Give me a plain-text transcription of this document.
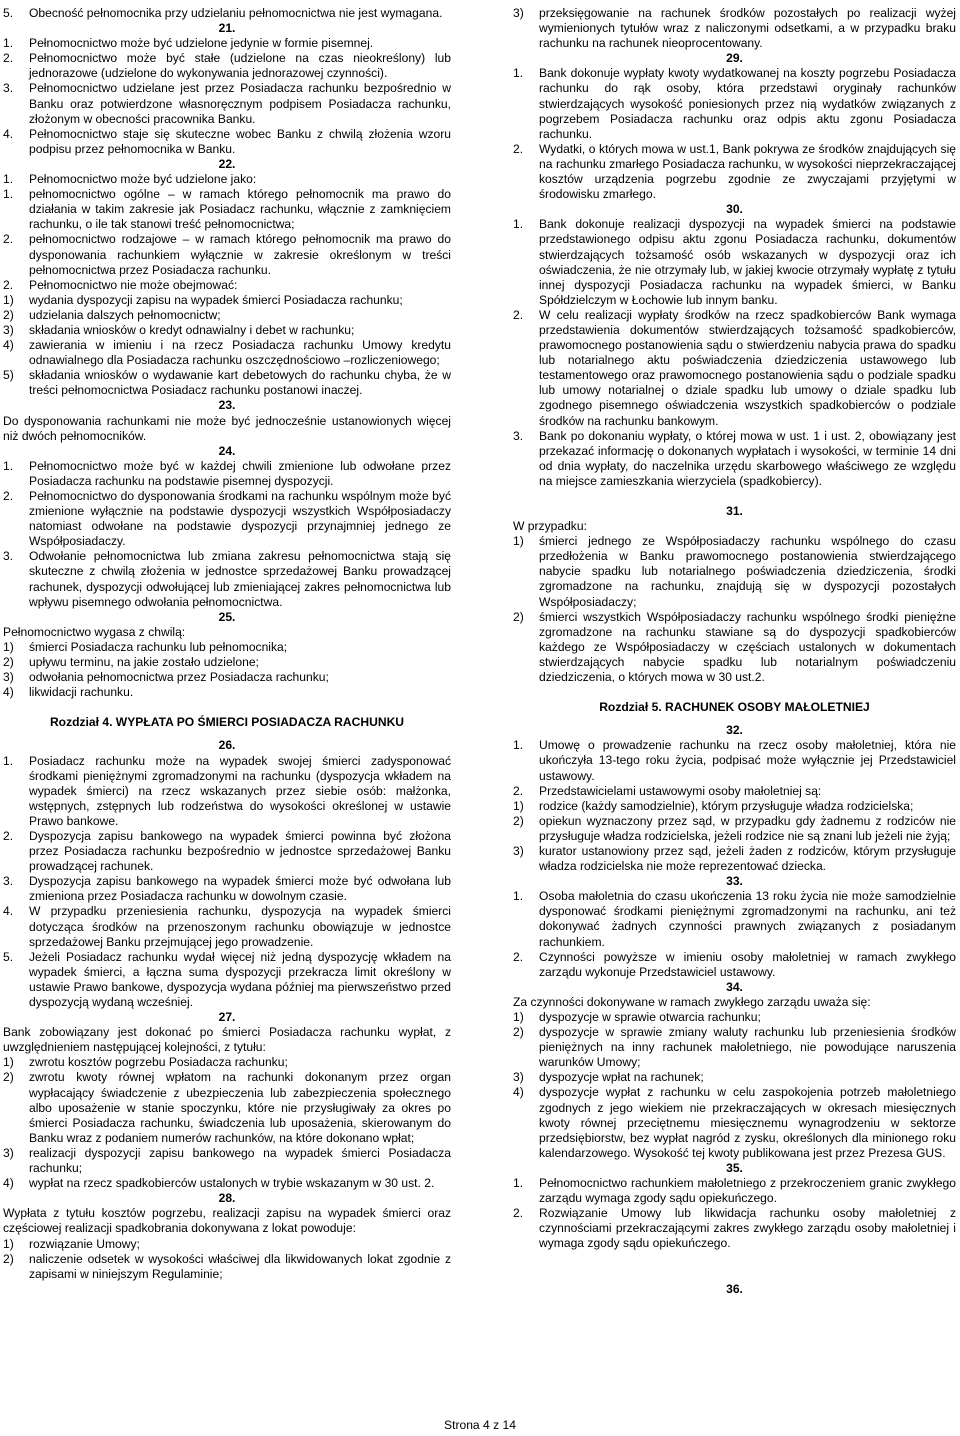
5.	Obecność pełnomocnika przy udzielaniu pełnomocnictwa nie jest wymagana.
21.
1.	Pełnomocnictwo może być udzielone jedynie w formie pisemnej.
2.	Pełnomocnictwo może być stałe (udzielone na czas nieokreślony) lub jednorazowe (udzielone do wykonywania jednorazowej czynności).
3.	Pełnomocnictwo udzielane jest przez Posiadacza rachunku bezpośrednio w Banku oraz potwierdzone własnoręcznym podpisem Posiadacza rachunku, złożonym w obecności pracownika Banku.
4.	Pełnomocnictwo staje się skuteczne wobec Banku z chwilą złożenia wzoru podpisu przez pełnomocnika w Banku.
22.
1.	Pełnomocnictwo może być udzielone jako:
1.	pełnomocnictwo ogólne – w ramach którego pełnomocnik ma prawo do działania w takim zakresie jak Posiadacz rachunku, włącznie z zamknięciem rachunku, o ile tak stanowi treść pełnomocnictwa;
2.	pełnomocnictwo rodzajowe – w ramach którego pełnomocnik ma prawo do dysponowania rachunkiem wyłącznie w zakresie określonym w treści pełnomocnictwa przez Posiadacza rachunku.
2.	Pełnomocnictwo nie może obejmować:
1)	wydania dyspozycji zapisu na wypadek śmierci Posiadacza rachunku;
2)	udzielania dalszych pełnomocnictw;
3)	składania wniosków o kredyt odnawialny i debet w rachunku;
4)	zawierania w imieniu i na rzecz Posiadacza rachunku Umowy kredytu odnawialnego dla Posiadacza rachunku oszczędnościowo –rozliczeniowego;
5)	składania wniosków o wydawanie kart debetowych do rachunku chyba, że w treści pełnomocnictwa Posiadacz rachunku postanowi inaczej.
23.
Do dysponowania rachunkami nie może być jednocześnie ustanowionych więcej niż dwóch pełnomocników.
24.
1.	Pełnomocnictwo może być w każdej chwili zmienione lub odwołane przez Posiadacza rachunku na podstawie pisemnej dyspozycji.
2.	Pełnomocnictwo do dysponowania środkami na rachunku wspólnym może być zmienione wyłącznie na podstawie dyspozycji wszystkich Współposiadaczy natomiast odwołane na podstawie dyspozycji przynajmniej jednego ze Współposiadaczy.
3.	Odwołanie pełnomocnictwa lub zmiana zakresu pełnomocnictwa stają się skuteczne z chwilą złożenia w jednostce sprzedażowej Banku prowadzącej rachunek, dyspozycji odwołującej lub zmieniającej zakres pełnomocnictwa lub wpływu pisemnego odwołania pełnomocnictwa.
25.
Pełnomocnictwo wygasa z chwilą:
1)	śmierci Posiadacza rachunku lub pełnomocnika;
2)	upływu terminu, na jakie zostało udzielone;
3)	odwołania pełnomocnictwa przez Posiadacza rachunku;
4)	likwidacji rachunku.
Rozdział 4. WYPŁATA PO ŚMIERCI POSIADACZA RACHUNKU
26.
1.	Posiadacz rachunku może na wypadek swojej śmierci zadysponować środkami pieniężnymi zgromadzonymi na rachunku (dyspozycja wkładem na wypadek śmierci) na rzecz wskazanych przez siebie osób: małżonka, wstępnych, zstępnych lub rodzeństwa do wysokości określonej w ustawie Prawo bankowe.
2.	Dyspozycja zapisu bankowego na wypadek śmierci powinna być złożona przez Posiadacza rachunku bezpośrednio w jednostce sprzedażowej Banku prowadzącej rachunek.
3.	Dyspozycja zapisu bankowego na wypadek śmierci może być odwołana lub zmieniona przez Posiadacza rachunku w dowolnym czasie.
4.	W przypadku przeniesienia rachunku, dyspozycja na wypadek śmierci dotycząca środków na przenoszonym rachunku obowiązuje w jednostce sprzedażowej Banku przejmującej jego prowadzenie.
5.	Jeżeli Posiadacz rachunku wydał więcej niż jedną dyspozycję wkładem na wypadek śmierci, a łączna suma dyspozycji przekracza limit określony w ustawie Prawo bankowe, dyspozycja wydana później ma pierwszeństwo przed dyspozycją wydaną wcześniej.
27.
Bank zobowiązany jest dokonać po śmierci Posiadacza rachunku wypłat, z uwzględnieniem następującej kolejności, z tytułu:
1)	zwrotu kosztów pogrzebu Posiadacza rachunku;
2)	zwrotu kwoty równej wpłatom na rachunki dokonanym przez organ wypłacający świadczenie z ubezpieczenia lub zabezpieczenia społecznego albo uposażenie w stanie spoczynku, które nie przysługiwały za okres po śmierci Posiadacza rachunku, świadczenia lub uposażenia, skierowanym do Banku wraz z podaniem numerów rachunków, na które dokonano wpłat;
3)	realizacji dyspozycji zapisu bankowego na wypadek śmierci Posiadacza rachunku;
4)	wypłat na rzecz spadkobierców ustalonych w trybie wskazanym w 30 ust. 2.
28.
Wypłata z tytułu kosztów pogrzebu, realizacji zapisu na wypadek śmierci oraz częściowej realizacji spadkobrania dokonywana z lokat powoduje:
1)	rozwiązanie Umowy;
2)	naliczenie odsetek w wysokości właściwej dla likwidowanych lokat zgodnie z zapisami w niniejszym Regulaminie;
3)	przeksięgowanie na rachunek środków pozostałych po realizacji wyżej wymienionych tytułów wraz z naliczonymi odsetkami, a w przypadku braku rachunku na rachunek nieoprocentowany.
29.
1.	Bank dokonuje wypłaty kwoty wydatkowanej na koszty pogrzebu Posiadacza rachunku do rąk osoby, która przedstawi oryginały rachunków stwierdzających wysokość poniesionych przez nią wydatków związanych z pogrzebem Posiadacza rachunku oraz odpis aktu zgonu Posiadacza rachunku.
2.	Wydatki, o których mowa w ust.1, Bank pokrywa ze środków znajdujących się na rachunku zmarłego Posiadacza rachunku, w wysokości nieprzekraczającej kosztów urządzenia pogrzebu zgodnie ze zwyczajami przyjętymi w środowisku zmarłego.
30.
1.	Bank dokonuje realizacji dyspozycji na wypadek śmierci na podstawie przedstawionego odpisu aktu zgonu Posiadacza rachunku, dokumentów stwierdzających tożsamość osób wskazanych w dyspozycji oraz ich oświadczenia, że nie otrzymały lub, w jakiej kwocie otrzymały wypłatę z tytułu innej dyspozycji Posiadacza rachunku na wypadek śmierci, w Banku Spółdzielczym w Łochowie lub innym banku.
2.	W celu realizacji wypłaty środków na rzecz spadkobierców Bank wymaga przedstawienia dokumentów stwierdzających tożsamość spadkobierców, prawomocnego postanowienia sądu o stwierdzeniu nabycia prawa do spadku lub notarialnego aktu poświadczenia dziedziczenia ustawowego lub testamentowego oraz prawomocnego postanowienia sądu o podziale spadku lub umowy notarialnej o dziale spadku lub umowy o dziale spadku lub zgodnego pisemnego oświadczenia wszystkich spadkobierców o podziale środków na rachunku bankowym.
3.	Bank po dokonaniu wypłaty, o której mowa w ust. 1 i ust. 2, obowiązany jest przekazać informację o dokonanych wypłatach i wysokości, w terminie 14 dni od dnia wypłaty, do naczelnika urzędu skarbowego właściwego ze względu na miejsce zamieszkania wierzyciela (spadkobiercy).
31.
W przypadku:
1)	śmierci jednego ze Współposiadaczy rachunku wspólnego do czasu przedłożenia w Banku prawomocnego postanowienia stwierdzającego nabycie spadku lub notarialnego poświadczenia dziedziczenia, środki zgromadzone na rachunku, znajdują się w dyspozycji pozostałych Współposiadaczy;
2)	śmierci wszystkich Współposiadaczy rachunku wspólnego środki pieniężne zgromadzone na rachunku stawiane są do dyspozycji spadkobierców każdego ze Współposiadaczy w częściach ustalonych w dokumentach stwierdzających nabycie spadku lub notarialnym poświadczeniu dziedziczenia, o których mowa w 30 ust.2.
Rozdział 5. RACHUNEK OSOBY MAŁOLETNIEJ
32.
1.	Umowę o prowadzenie rachunku na rzecz osoby małoletniej, która nie ukończyła 13-tego roku życia, podpisać może wyłącznie jej Przedstawiciel ustawowy.
2.	Przedstawicielami ustawowymi osoby małoletniej są:
1)	rodzice (każdy samodzielnie), którym przysługuje władza rodzicielska;
2)	opiekun wyznaczony przez sąd, w przypadku gdy żadnemu z rodziców nie przysługuje władza rodzicielska, jeżeli rodzice nie są znani lub jeżeli nie żyją;
3)	kurator ustanowiony przez sąd, jeżeli żaden z rodziców, którym przysługuje władza rodzicielska nie może reprezentować dziecka.
33.
1.	Osoba małoletnia do czasu ukończenia 13 roku życia nie może samodzielnie dysponować środkami pieniężnymi zgromadzonymi na rachunku, ani też dokonywać żadnych czynności prawnych związanych z posiadanym rachunkiem.
2.	Czynności powyższe w imieniu osoby małoletniej w ramach zwykłego zarządu wykonuje Przedstawiciel ustawowy.
34.
Za czynności dokonywane w ramach zwykłego zarządu uważa się:
1)	dyspozycje w sprawie otwarcia rachunku;
2)	dyspozycje w sprawie zmiany waluty rachunku lub przeniesienia środków pieniężnych na inny rachunek małoletniego, nie powodujące naruszenia warunków Umowy;
3)	dyspozycje wpłat na rachunek;
4)	dyspozycje wypłat z rachunku w celu zaspokojenia potrzeb małoletniego zgodnych z jego wiekiem nie przekraczających w okresach miesięcznych kwoty równej przeciętnemu miesięcznemu wynagrodzeniu w sektorze przedsiębiorstw, bez wypłat nagród z zysku, określonych dla minionego roku kalendarzowego. Wysokość tej kwoty publikowana jest przez Prezesa GUS.
35.
1.	Pełnomocnictwo rachunkiem małoletniego z przekroczeniem granic zwykłego zarządu wymaga zgody sądu opiekuńczego.
2.	Rozwiązanie Umowy lub likwidacja rachunku osoby małoletniej z czynnościami przekraczającymi zakres zwykłego zarządu osoby małoletniej i wymaga zgody sądu opiekuńczego.
36.
Strona 4 z 14
